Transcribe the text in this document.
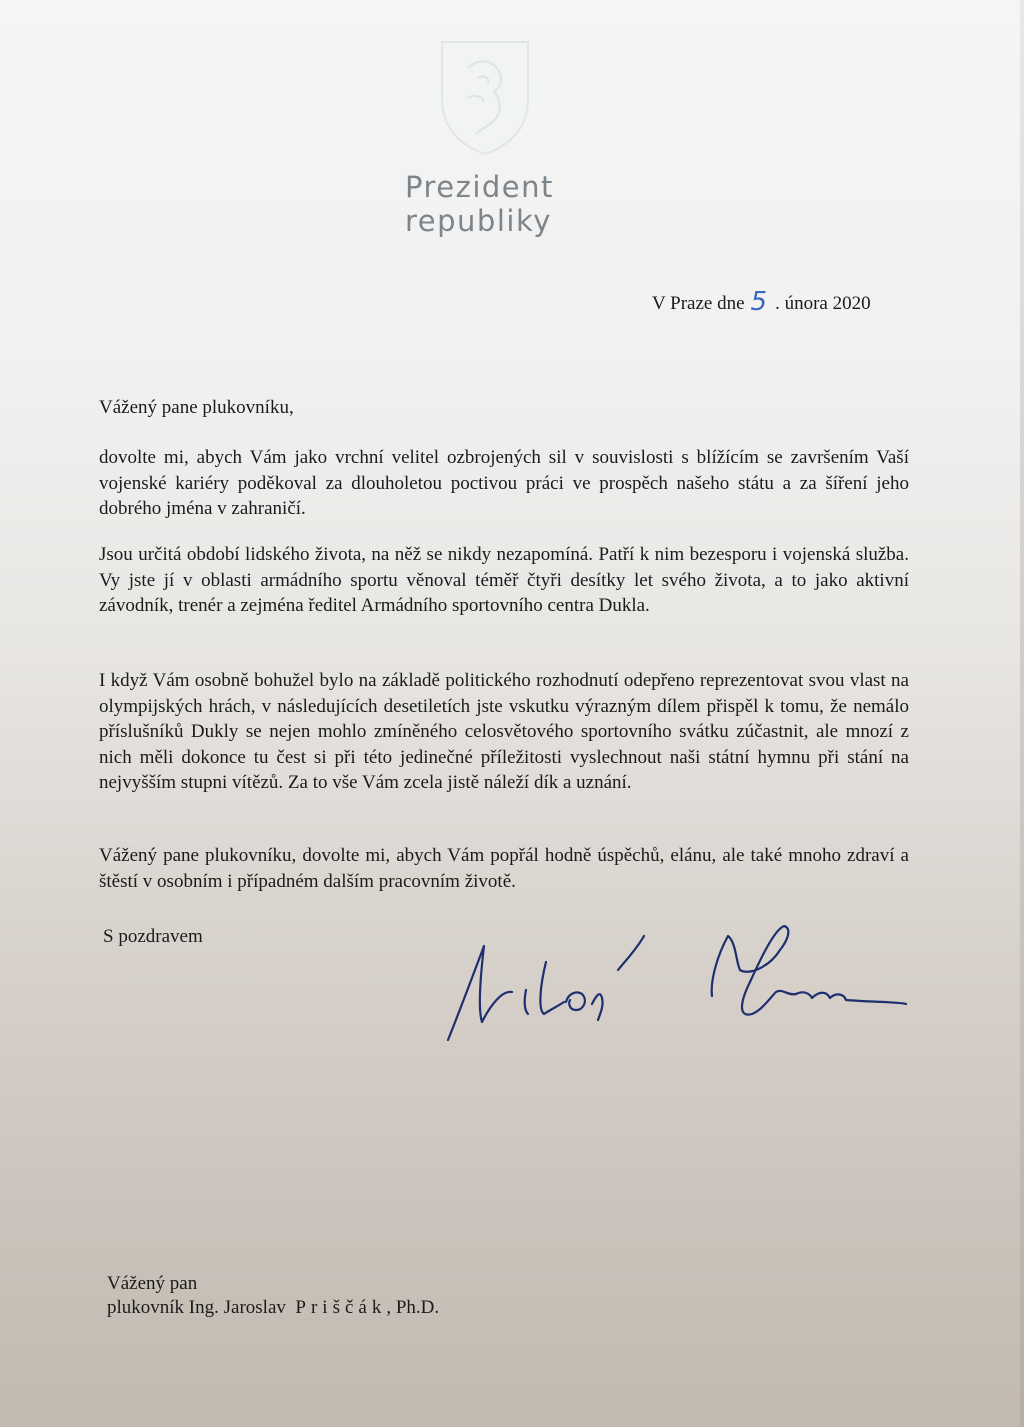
Prezident
republiky
V Praze dne 5 . února 2020
Vážený pane plukovníku,

dovolte mi, abych Vám jako vrchní velitel ozbrojených sil v souvislosti s blížícím se završením Vaší vojenské kariéry poděkoval za dlouholetou poctivou práci ve prospěch našeho státu a za šíření jeho dobrého jména v zahraničí.

Jsou určitá období lidského života, na něž se nikdy nezapomíná. Patří k nim bezesporu i vojenská služba. Vy jste jí v oblasti armádního sportu věnoval téměř čtyři desítky let svého života, a to jako aktivní závodník, trenér a zejména ředitel Armádního sportovního centra Dukla.

I když Vám osobně bohužel bylo na základě politického rozhodnutí odepřeno reprezentovat svou vlast na olympijských hrách, v následujících desetiletích jste vskutku výrazným dílem přispěl k tomu, že nemálo příslušníků Dukly se nejen mohlo zmíněného celosvětového sportovního svátku zúčastnit, ale mnozí z nich měli dokonce tu čest si při této jedinečné příležitosti vyslechnout naši státní hymnu při stání na nejvyšším stupni vítězů. Za to vše Vám zcela jistě náleží dík a uznání.

Vážený pane plukovníku, dovolte mi, abych Vám popřál hodně úspěchů, elánu, ale také mnoho zdraví a štěstí v osobním i případném dalším pracovním životě.

S pozdravem
Vážený pan
plukovník Ing. Jaroslav Priščák, Ph.D.
